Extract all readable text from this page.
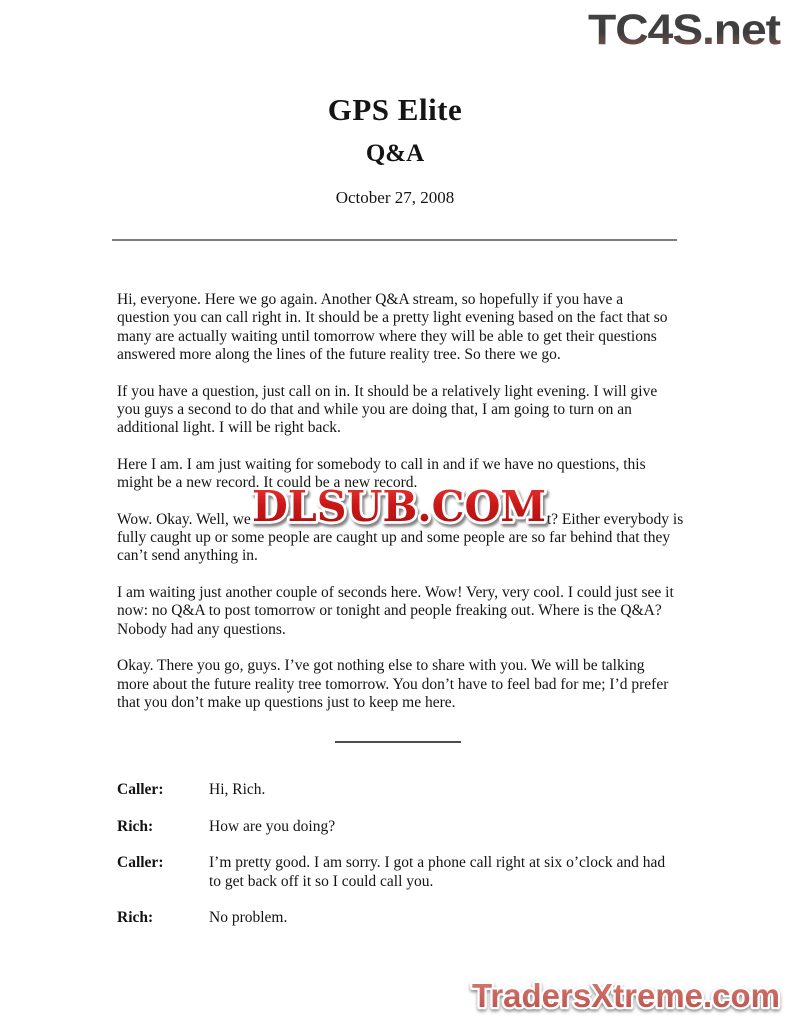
TC4S.net
GPS Elite
Q&A
October 27, 2008

Hi, everyone. Here we go again. Another Q&A stream, so hopefully if you have a question you can call right in. It should be a pretty light evening based on the fact that so many are actually waiting until tomorrow where they will be able to get their questions answered more along the lines of the future reality tree. So there we go.

If you have a question, just call on in. It should be a relatively light evening. I will give you guys a second to do that and while you are doing that, I am going to turn on an additional light. I will be right back.

Here I am. I am just waiting for somebody to call in and if we have no questions, this might be a new record. It could be a new record.

Wow. Okay. Well, we	t? Either everybody is
fully caught up or some people are caught up and some people are so far behind that they can’t send anything in.

I am waiting just another couple of seconds here. Wow! Very, very cool. I could just see it now: no Q&A to post tomorrow or tonight and people freaking out. Where is the Q&A? Nobody had any questions.

Okay. There you go, guys. I’ve got nothing else to share with you. We will be talking more about the future reality tree tomorrow. You don’t have to feel bad for me; I’d prefer that you don’t make up questions just to keep me here.

Caller:	Hi, Rich.
Rich:	How are you doing?
Caller:	I’m pretty good. I am sorry. I got a phone call right at six o’clock and had to get back off it so I could call you.
Rich:	No problem.
DLSUB.COM
TradersXtreme.com
